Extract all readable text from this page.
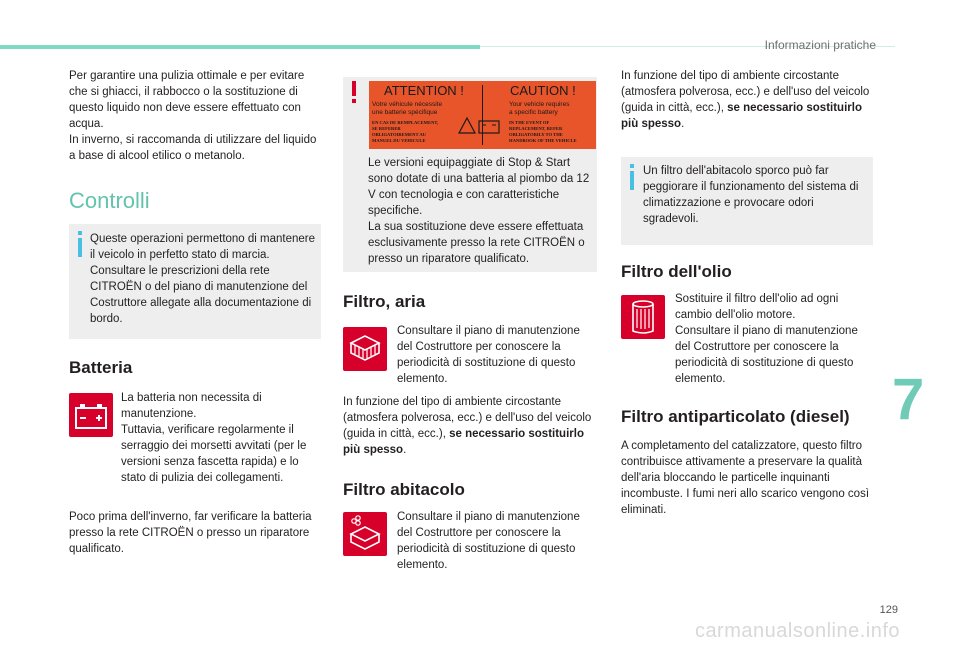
Informazioni pratiche
7
129
carmanualsonline.info

Per garantire una pulizia ottimale e per evitare che si ghiacci, il rabbocco o la sostituzione di questo liquido non deve essere effettuato con acqua.

In inverno, si raccomanda di utilizzare del liquido a base di alcool etilico o metanolo.

Controlli

Queste operazioni permettono di mantenere il veicolo in perfetto stato di marcia. Consultare le prescrizioni della rete CITROËN o del piano di manutenzione del Costruttore allegate alla documentazione di bordo.

Batteria

La batteria non necessita di manutenzione.

Tuttavia, verificare regolarmente il serraggio dei morsetti avvitati (per le versioni senza fascetta rapida) e lo stato di pulizia dei collegamenti.

Poco prima dell'inverno, far verificare la batteria presso la rete CITROËN o presso un riparatore qualificato.

ATTENTION !	CAUTION !
Votre véhicule nécessite
une batterie spécifique
Your vehicle requires
a specific battery
EN CAS DE REMPLACEMENT,
SE REFERER
OBLIGATOIREMENT AU
MANUEL DU VEHICULE
IN THE EVENT OF
REPLACEMENT, REFER
OBLIGATORILY TO THE
HANDBOOK OF THE VEHICLE

Le versioni equipaggiate di Stop & Start sono dotate di una batteria al piombo da 12 V con tecnologia e con caratteristiche specifiche.

La sua sostituzione deve essere effettuata esclusivamente presso la rete CITROËN o presso un riparatore qualificato.

Filtro, aria

Consultare il piano di manutenzione del Costruttore per conoscere la periodicità di sostituzione di questo elemento.

In funzione del tipo di ambiente circostante (atmosfera polverosa, ecc.) e dell'uso del veicolo (guida in città, ecc.), se necessario sostituirlo più spesso.

Filtro abitacolo

Consultare il piano di manutenzione del Costruttore per conoscere la periodicità di sostituzione di questo elemento.

In funzione del tipo di ambiente circostante (atmosfera polverosa, ecc.) e dell'uso del veicolo (guida in città, ecc.), se necessario sostituirlo più spesso.

Un filtro dell'abitacolo sporco può far peggiorare il funzionamento del sistema di climatizzazione e provocare odori sgradevoli.

Filtro dell'olio

Sostituire il filtro dell'olio ad ogni cambio dell'olio motore.

Consultare il piano di manutenzione del Costruttore per conoscere la periodicità di sostituzione di questo elemento.

Filtro antiparticolato (diesel)

A completamento del catalizzatore, questo filtro contribuisce attivamente a preservare la qualità dell'aria bloccando le particelle inquinanti incombuste. I fumi neri allo scarico vengono così eliminati.
